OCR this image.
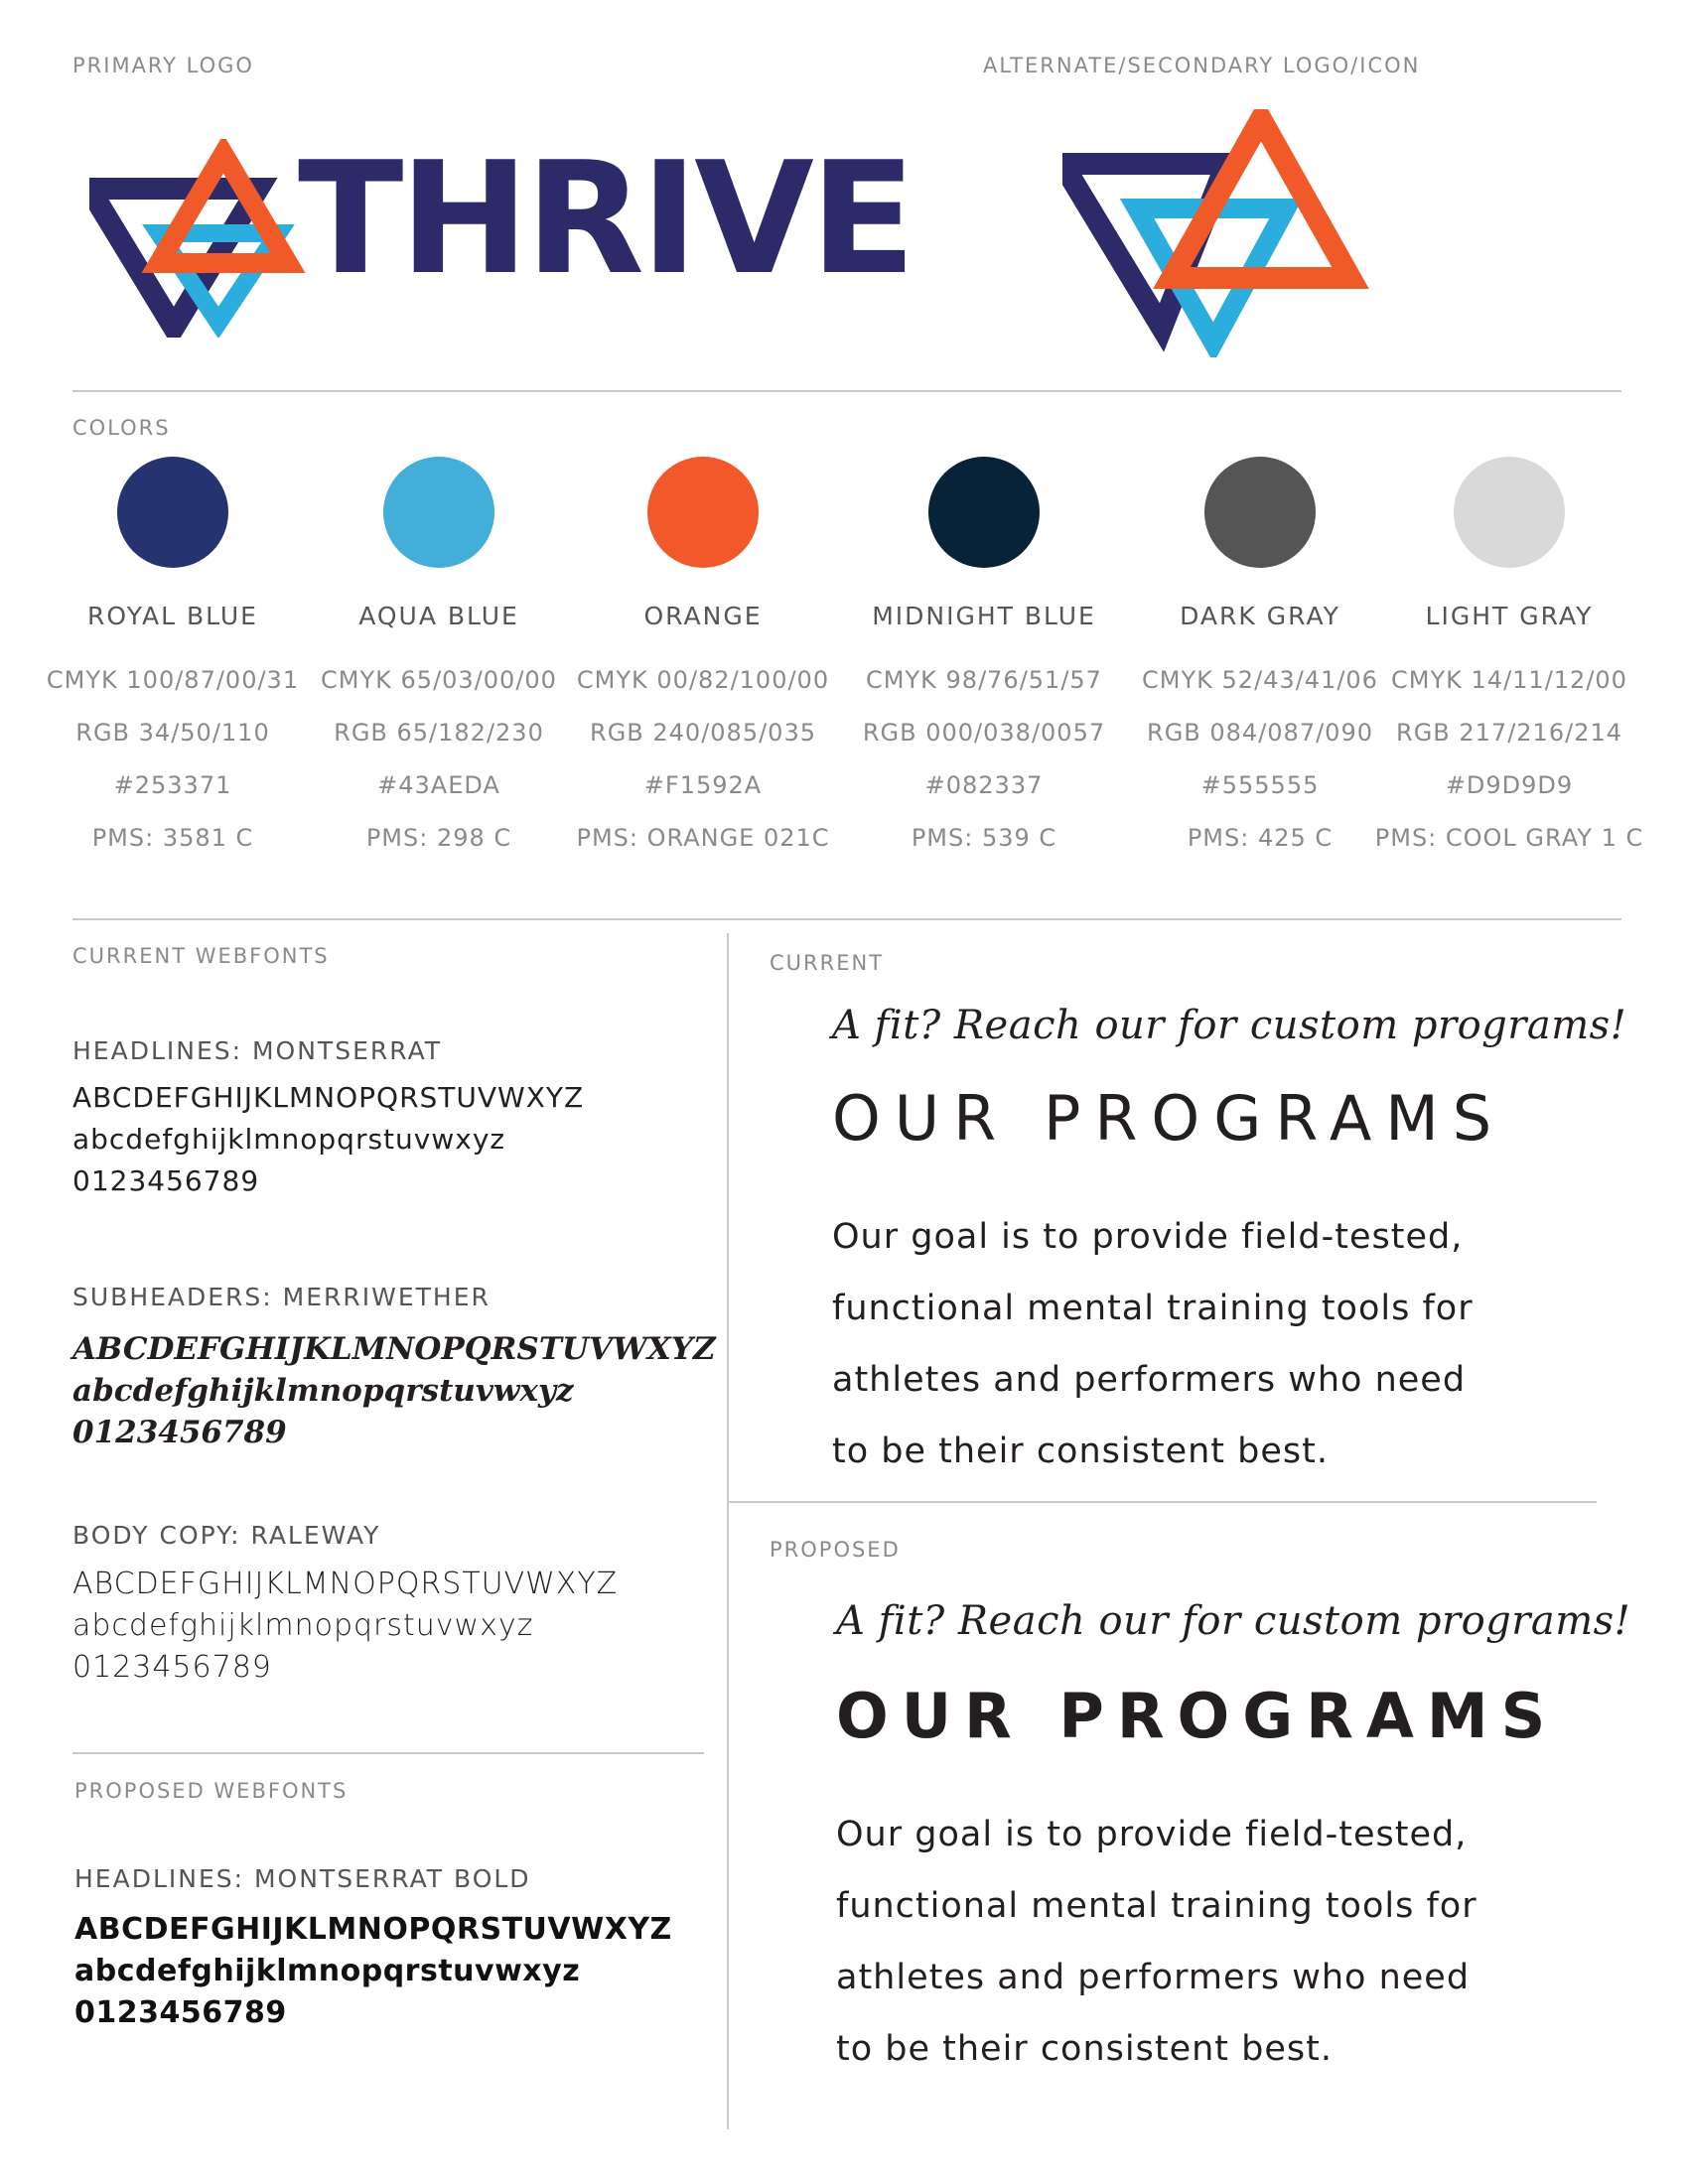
PRIMARY LOGO	ALTERNATE/SECONDARY LOGO/ICON
THRIVE
COLORS
ROYAL BLUE
CMYK 100/87/00/31
RGB 34/50/110
#253371
PMS: 3581 C
AQUA BLUE
CMYK 65/03/00/00
RGB 65/182/230
#43AEDA
PMS: 298 C
ORANGE
CMYK 00/82/100/00
RGB 240/085/035
#F1592A
PMS: ORANGE 021C
MIDNIGHT BLUE
CMYK 98/76/51/57
RGB 000/038/0057
#082337
PMS: 539 C
DARK GRAY
CMYK 52/43/41/06
RGB 084/087/090
#555555
PMS: 425 C
LIGHT GRAY
CMYK 14/11/12/00
RGB 217/216/214
#D9D9D9
PMS: COOL GRAY 1 C
CURRENT WEBFONTS
HEADLINES: MONTSERRAT
ABCDEFGHIJKLMNOPQRSTUVWXYZ
abcdefghijklmnopqrstuvwxyz
0123456789
SUBHEADERS: MERRIWETHER
ABCDEFGHIJKLMNOPQRSTUVWXYZ
abcdefghijklmnopqrstuvwxyz
0123456789
BODY COPY: RALEWAY
ABCDEFGHIJKLMNOPQRSTUVWXYZ
abcdefghijklmnopqrstuvwxyz
0123456789
PROPOSED WEBFONTS
HEADLINES: MONTSERRAT BOLD
ABCDEFGHIJKLMNOPQRSTUVWXYZ
abcdefghijklmnopqrstuvwxyz
0123456789
CURRENT
A fit? Reach our for custom programs!
OUR PROGRAMS
Our goal is to provide field-tested,
functional mental training tools for
athletes and performers who need
to be their consistent best.
PROPOSED
A fit? Reach our for custom programs!
OUR PROGRAMS
Our goal is to provide field-tested,
functional mental training tools for
athletes and performers who need
to be their consistent best.
